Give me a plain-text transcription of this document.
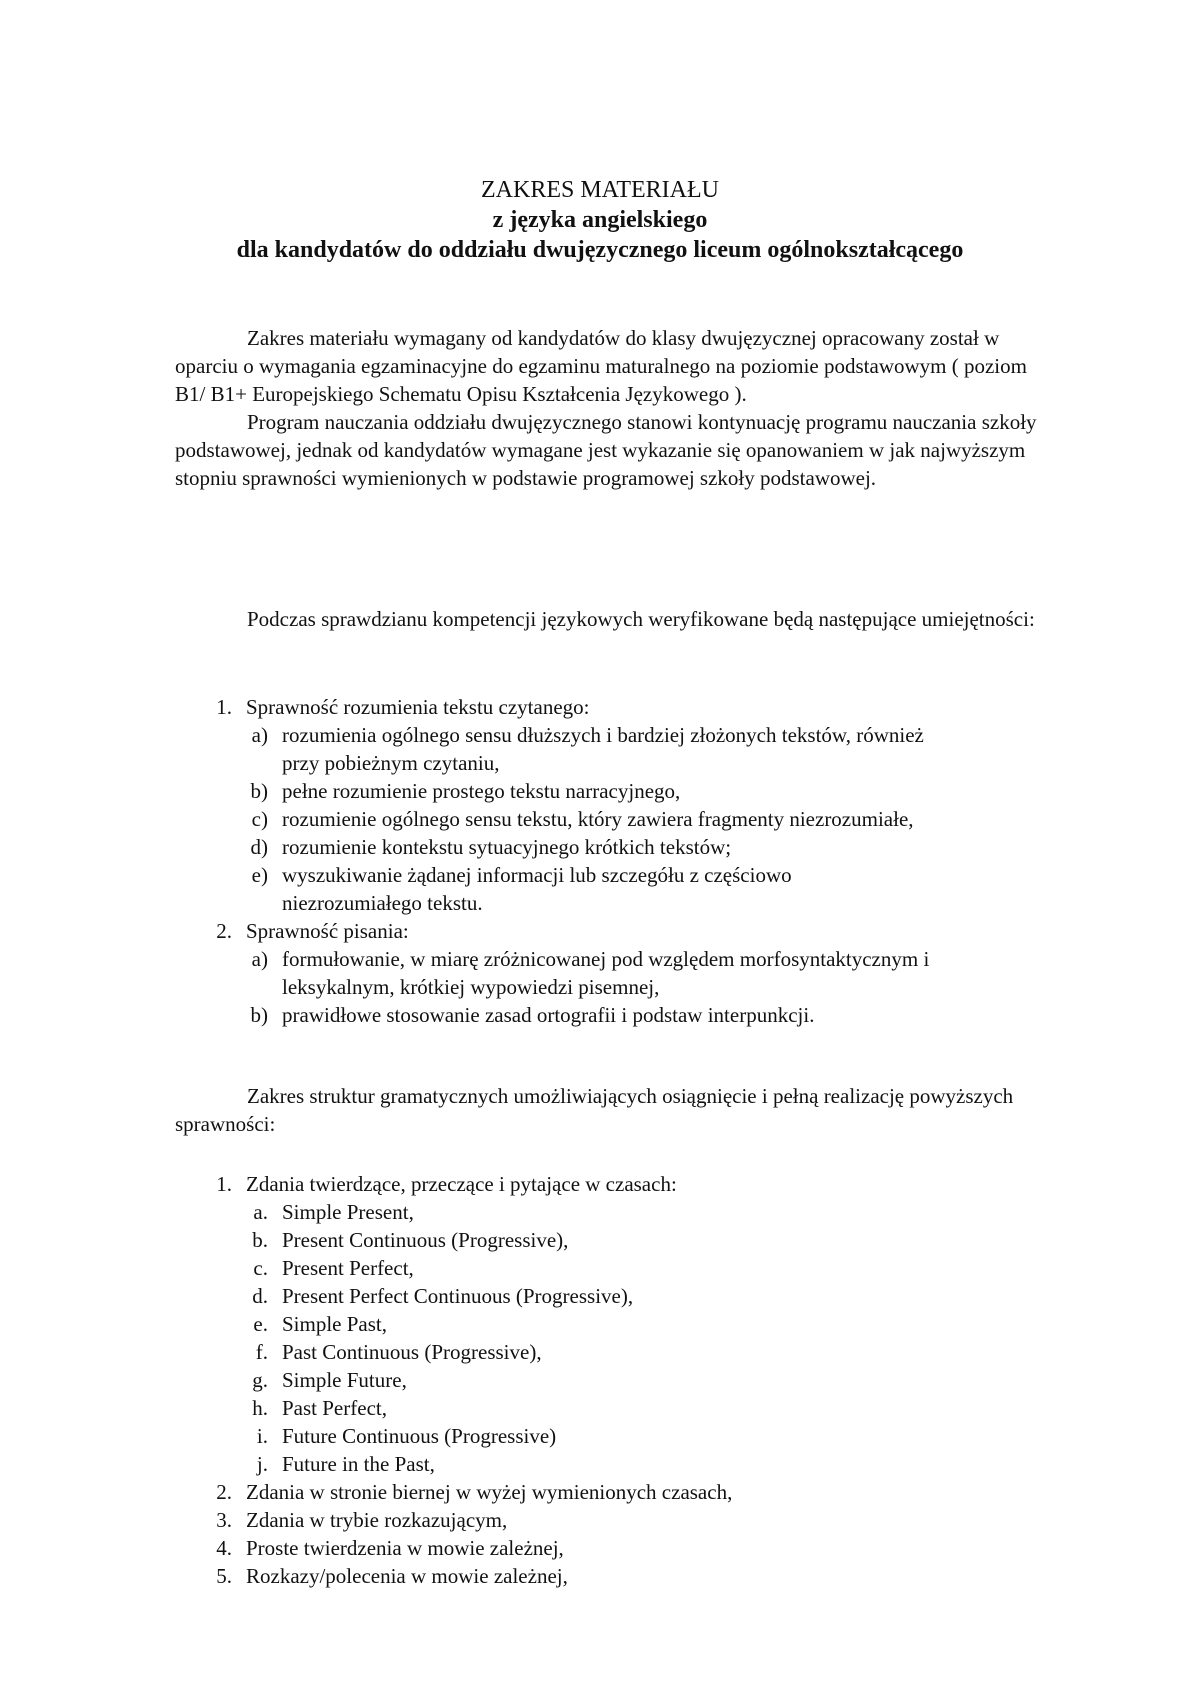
ZAKRES MATERIAŁU
z języka angielskiego
dla kandydatów do oddziału dwujęzycznego liceum ogólnokształcącego

Zakres materiału wymagany od kandydatów do klasy dwujęzycznej opracowany został w oparciu o wymagania egzaminacyjne do egzaminu maturalnego na poziomie podstawowym ( poziom B1/ B1+ Europejskiego Schematu Opisu Kształcenia Językowego ).

Program nauczania oddziału dwujęzycznego stanowi kontynuację programu nauczania szkoły podstawowej, jednak od kandydatów wymagane jest wykazanie się opanowaniem w jak najwyższym stopniu sprawności wymienionych w podstawie programowej szkoły podstawowej.

Podczas sprawdzianu kompetencji językowych weryfikowane będą następujące umiejętności:

1. Sprawność rozumienia tekstu czytanego:
a) rozumienia ogólnego sensu dłuższych i bardziej złożonych tekstów, również
przy pobieżnym czytaniu,
b) pełne rozumienie prostego tekstu narracyjnego,
c) rozumienie ogólnego sensu tekstu, który zawiera fragmenty niezrozumiałe,
d) rozumienie kontekstu sytuacyjnego krótkich tekstów;
e) wyszukiwanie żądanej informacji lub szczegółu z częściowo
niezrozumiałego tekstu.
2. Sprawność pisania:
a) formułowanie, w miarę zróżnicowanej pod względem morfosyntaktycznym i
leksykalnym, krótkiej wypowiedzi pisemnej,
b) prawidłowe stosowanie zasad ortografii i podstaw interpunkcji.

Zakres struktur gramatycznych umożliwiających osiągnięcie i pełną realizację powyższych sprawności:

1. Zdania twierdzące, przeczące i pytające w czasach:
a. Simple Present,
b. Present Continuous (Progressive),
c. Present Perfect,
d. Present Perfect Continuous (Progressive),
e. Simple Past,
f. Past Continuous (Progressive),
g. Simple Future,
h. Past Perfect,
i. Future Continuous (Progressive)
j. Future in the Past,
2. Zdania w stronie biernej w wyżej wymienionych czasach,
3. Zdania w trybie rozkazującym,
4. Proste twierdzenia w mowie zależnej,
5. Rozkazy/polecenia w mowie zależnej,
